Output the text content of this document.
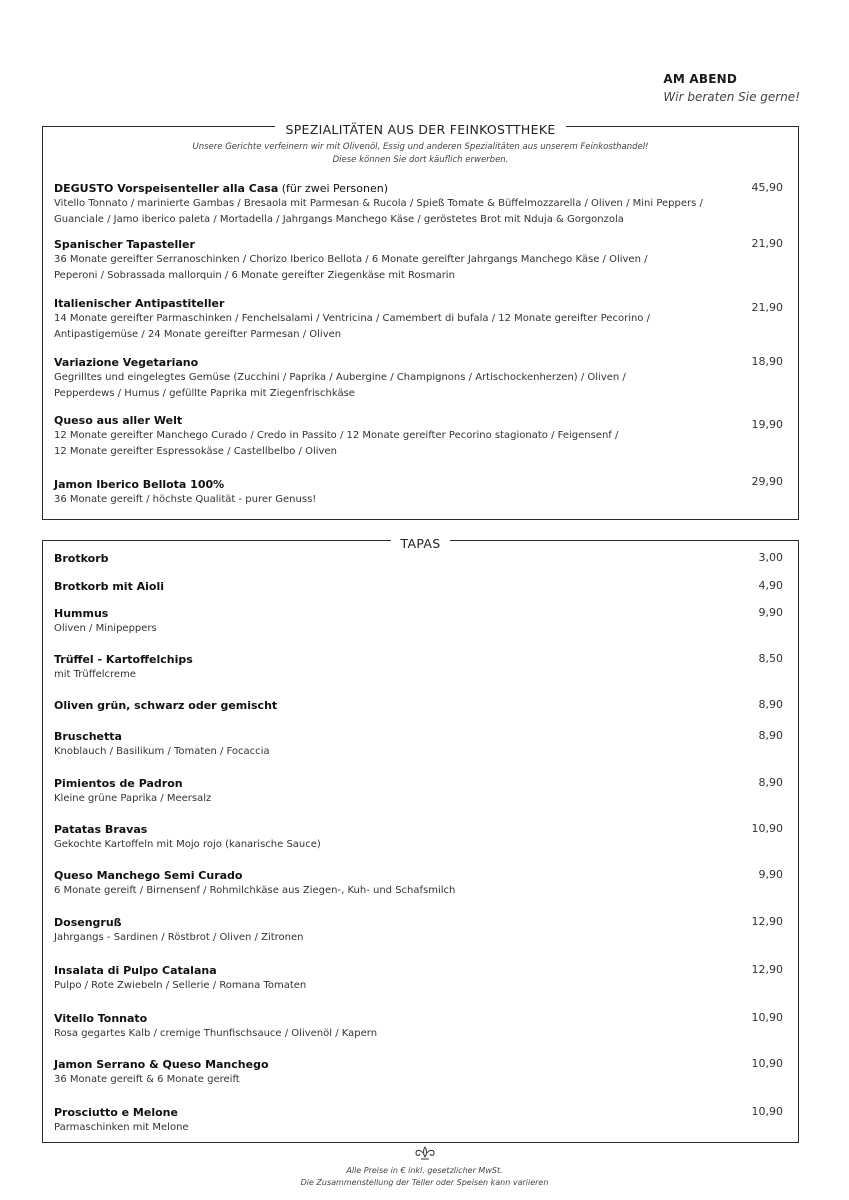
AM ABEND
Wir beraten Sie gerne!
SPEZIALITÄTEN AUS DER FEINKOSTTHEKE
Unsere Gerichte verfeinern wir mit Olivenöl, Essig und anderen Spezialitäten aus unserem Feinkosthandel!
Diese können Sie dort käuflich erwerben.
DEGUSTO Vorspeisenteller alla Casa (für zwei Personen)
Vitello Tonnato / marinierte Gambas / Bresaola mit Parmesan & Rucola / Spieß Tomate & Büffelmozzarella / Oliven / Mini Peppers /
Guanciale / Jamo iberico paleta / Mortadella / Jahrgangs Manchego Käse / geröstetes Brot mit Nduja & Gorgonzola
45,90
Spanischer Tapasteller
36 Monate gereifter Serranoschinken / Chorizo Iberico Bellota / 6 Monate gereifter Jahrgangs Manchego Käse / Oliven /
Peperoni / Sobrassada mallorquin / 6 Monate gereifter Ziegenkäse mit Rosmarin
21,90
Italienischer Antipastiteller
14 Monate gereifter Parmaschinken / Fenchelsalami / Ventricina / Camembert di bufala / 12 Monate gereifter Pecorino /
Antipastigemüse / 24 Monate gereifter Parmesan / Oliven
21,90
Variazione Vegetariano
Gegrilltes und eingelegtes Gemüse (Zucchini / Paprika / Aubergine / Champignons / Artischockenherzen) / Oliven /
Pepperdews / Humus / gefüllte Paprika mit Ziegenfrischkäse
18,90
Queso aus aller Welt
12 Monate gereifter Manchego Curado / Credo in Passito / 12 Monate gereifter Pecorino stagionato / Feigensenf /
12 Monate gereifter Espressokäse / Castellbelbo / Oliven
19,90
Jamon Iberico Bellota 100%
36 Monate gereift / höchste Qualität - purer Genuss!
29,90
TAPAS
Brotkorb	3,00
Brotkorb mit Aioli	4,90
Hummus
Oliven / Minipeppers
9,90
Trüffel - Kartoffelchips
mit Trüffelcreme
8,50
Oliven grün, schwarz oder gemischt	8,90
Bruschetta
Knoblauch / Basilikum / Tomaten / Focaccia
8,90
Pimientos de Padron
Kleine grüne Paprika / Meersalz
8,90
Patatas Bravas
Gekochte Kartoffeln mit Mojo rojo (kanarische Sauce)
10,90
Queso Manchego Semi Curado
6 Monate gereift / Birnensenf / Rohmilchkäse aus Ziegen-, Kuh- und Schafsmilch
9,90
Dosengruß
Jahrgangs - Sardinen / Röstbrot / Oliven / Zitronen
12,90
Insalata di Pulpo Catalana
Pulpo / Rote Zwiebeln / Sellerie / Romana Tomaten
12,90
Vitello Tonnato
Rosa gegartes Kalb / cremige Thunfischsauce / Olivenöl / Kapern
10,90
Jamon Serrano & Queso Manchego
36 Monate gereift & 6 Monate gereift
10,90
Prosciutto e Melone
Parmaschinken mit Melone
10,90
Alle Preise in € inkl. gesetzlicher MwSt.
Die Zusammenstellung der Teller oder Speisen kann variieren
